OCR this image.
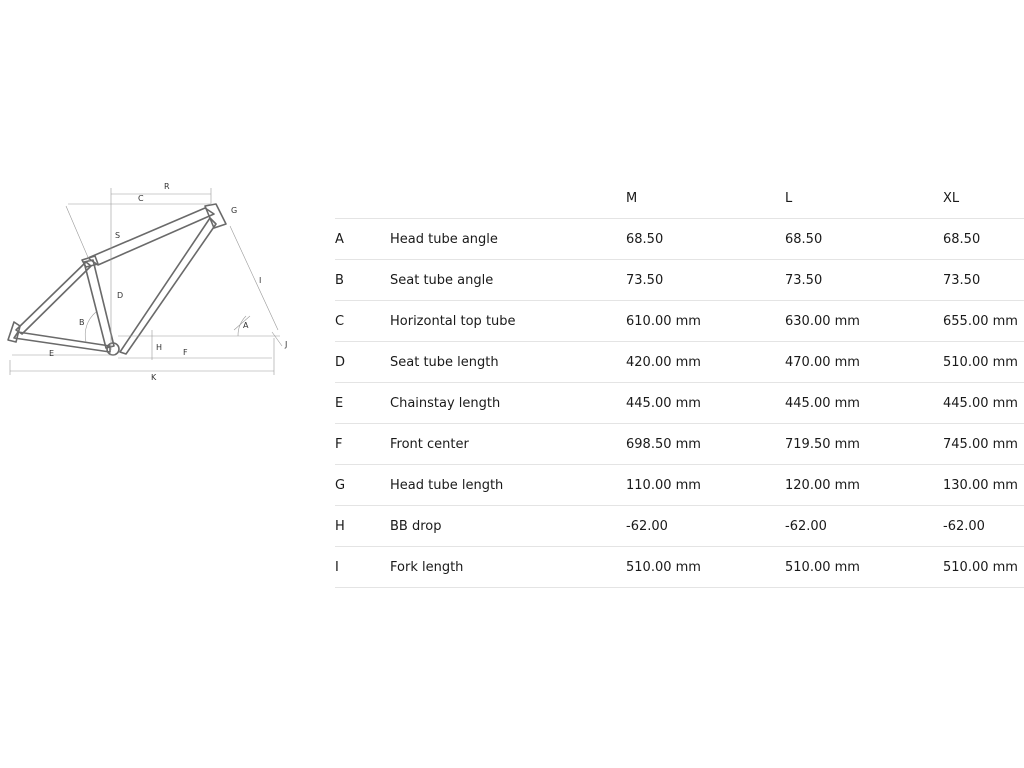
R
C
S
G
I
D
B	A
E
H
F
J
K
		M	L	XL
A	Head tube angle	68.50	68.50	68.50
B	Seat tube angle	73.50	73.50	73.50
C	Horizontal top tube	610.00 mm	630.00 mm	655.00 mm
D	Seat tube length	420.00 mm	470.00 mm	510.00 mm
E	Chainstay length	445.00 mm	445.00 mm	445.00 mm
F	Front center	698.50 mm	719.50 mm	745.00 mm
G	Head tube length	110.00 mm	120.00 mm	130.00 mm
H	BB drop	-62.00	-62.00	-62.00
I	Fork length	510.00 mm	510.00 mm	510.00 mm
